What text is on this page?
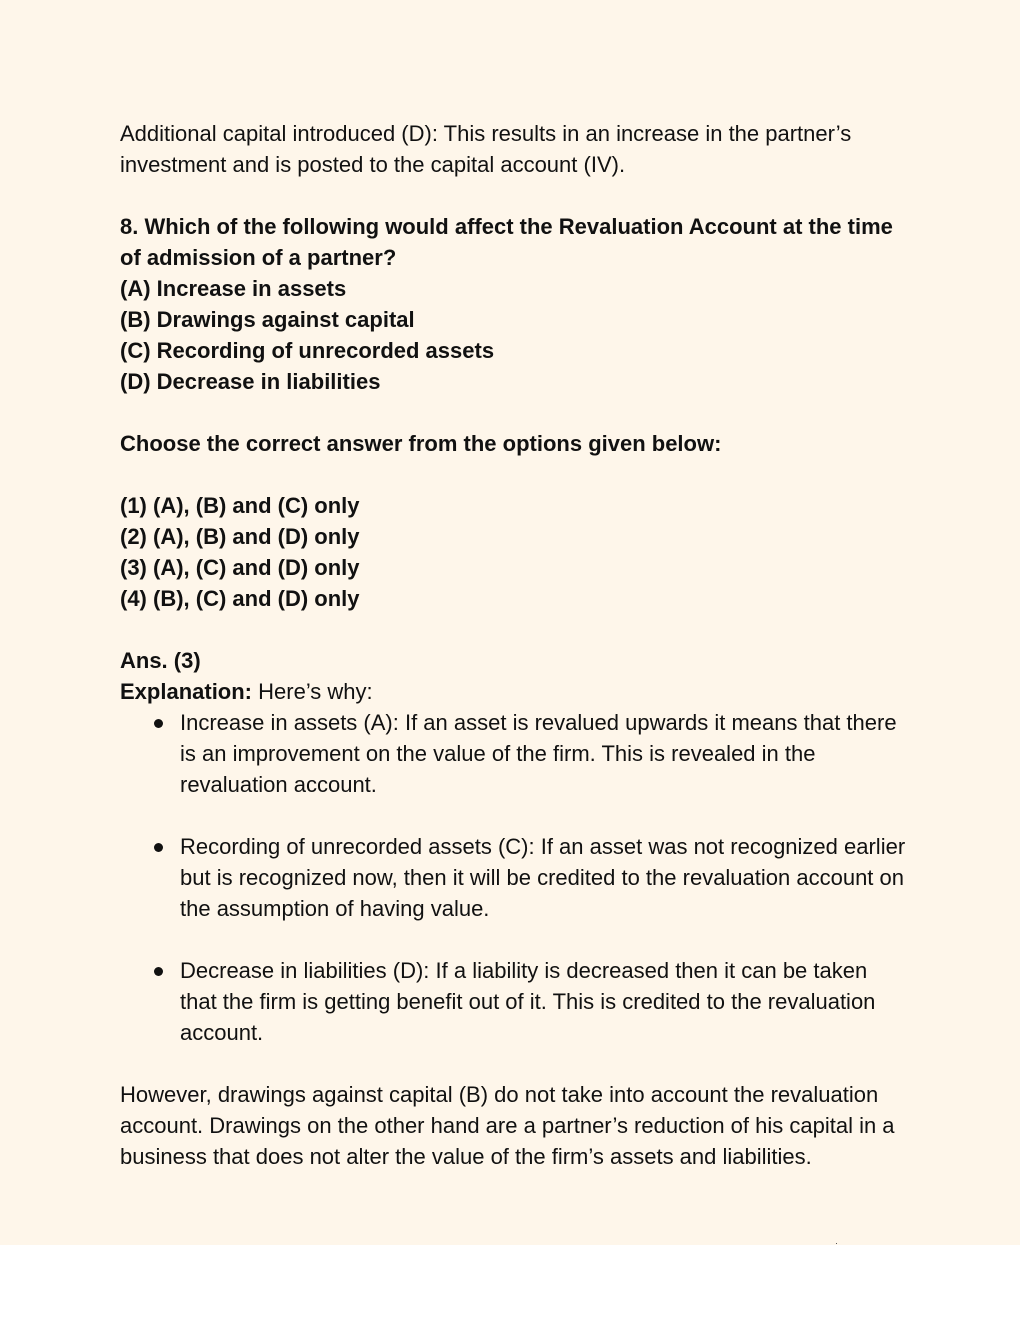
Additional capital introduced (D): This results in an increase in the partner’s investment and is posted to the capital account (IV).

8. Which of the following would affect the Revaluation Account at the time of admission of a partner?

(A) Increase in assets

(B) Drawings against capital

(C) Recording of unrecorded assets

(D) Decrease in liabilities

Choose the correct answer from the options given below:

(1) (A), (B) and (C) only

(2) (A), (B) and (D) only

(3) (A), (C) and (D) only

(4) (B), (C) and (D) only

Ans. (3)

Explanation: Here’s why:

Increase in assets (A): If an asset is revalued upwards it means that there is an improvement on the value of the firm. This is revealed in the revaluation account.
Recording of unrecorded assets (C): If an asset was not recognized earlier but is recognized now, then it will be credited to the revaluation account on the assumption of having value.
Decrease in liabilities (D): If a liability is decreased then it can be taken that the firm is getting benefit out of it. This is credited to the revaluation account.

However, drawings against capital (B) do not take into account the revaluation account. Drawings on the other hand are a partner’s reduction of his capital in a business that does not alter the value of the firm’s assets and liabilities.
